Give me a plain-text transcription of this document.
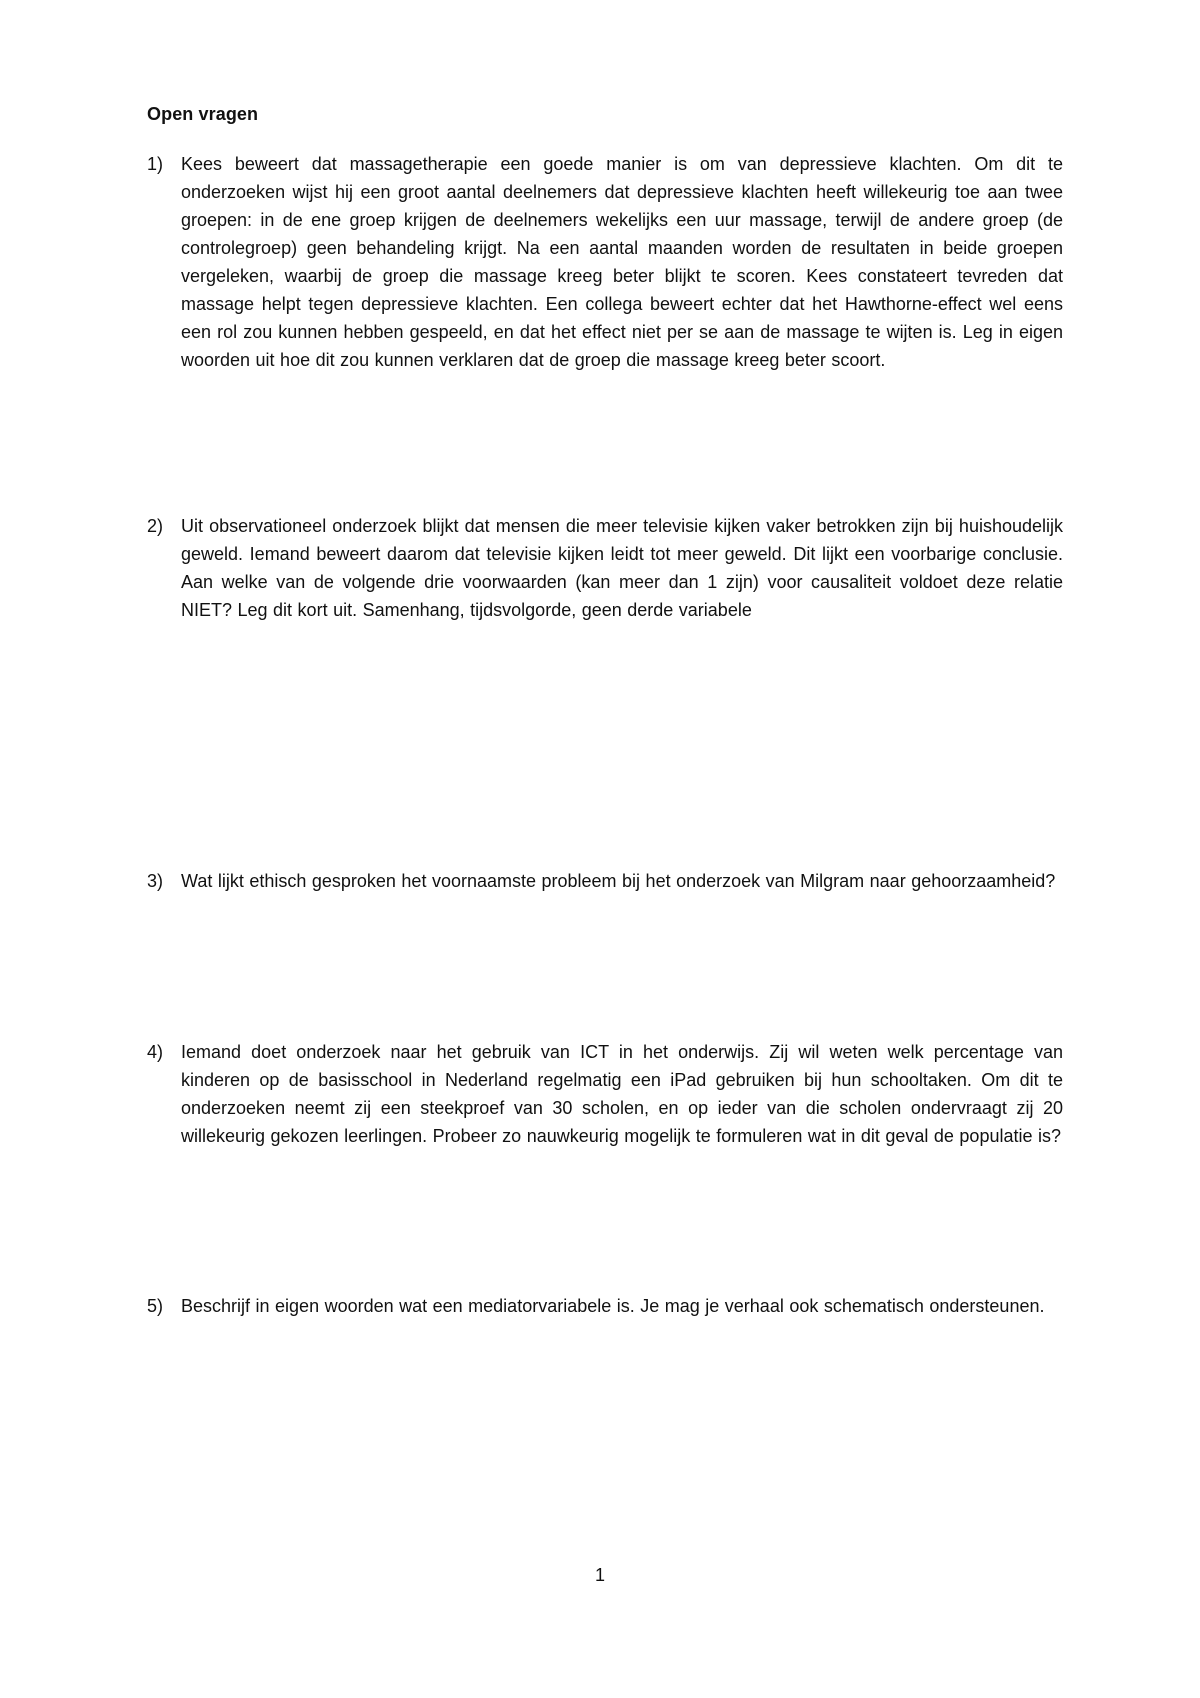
Open vragen
1) Kees beweert dat massagetherapie een goede manier is om van depressieve klachten. Om dit te onderzoeken wijst hij een groot aantal deelnemers dat depressieve klachten heeft willekeurig toe aan twee groepen: in de ene groep krijgen de deelnemers wekelijks een uur massage, terwijl de andere groep (de controlegroep) geen behandeling krijgt. Na een aantal maanden worden de resultaten in beide groepen vergeleken, waarbij de groep die massage kreeg beter blijkt te scoren. Kees constateert tevreden dat massage helpt tegen depressieve klachten. Een collega beweert echter dat het Hawthorne-effect wel eens een rol zou kunnen hebben gespeeld, en dat het effect niet per se aan de massage te wijten is. Leg in eigen woorden uit hoe dit zou kunnen verklaren dat de groep die massage kreeg beter scoort.
2) Uit observationeel onderzoek blijkt dat mensen die meer televisie kijken vaker betrokken zijn bij huishoudelijk geweld. Iemand beweert daarom dat televisie kijken leidt tot meer geweld. Dit lijkt een voorbarige conclusie. Aan welke van de volgende drie voorwaarden (kan meer dan 1 zijn) voor causaliteit voldoet deze relatie NIET? Leg dit kort uit. Samenhang, tijdsvolgorde, geen derde variabele
3) Wat lijkt ethisch gesproken het voornaamste probleem bij het onderzoek van Milgram naar gehoorzaamheid?
4) Iemand doet onderzoek naar het gebruik van ICT in het onderwijs. Zij wil weten welk percentage van kinderen op de basisschool in Nederland regelmatig een iPad gebruiken bij hun schooltaken. Om dit te onderzoeken neemt zij een steekproef van 30 scholen, en op ieder van die scholen ondervraagt zij 20 willekeurig gekozen leerlingen. Probeer zo nauwkeurig mogelijk te formuleren wat in dit geval de populatie is?
5) Beschrijf in eigen woorden wat een mediatorvariabele is. Je mag je verhaal ook schematisch ondersteunen.
1
